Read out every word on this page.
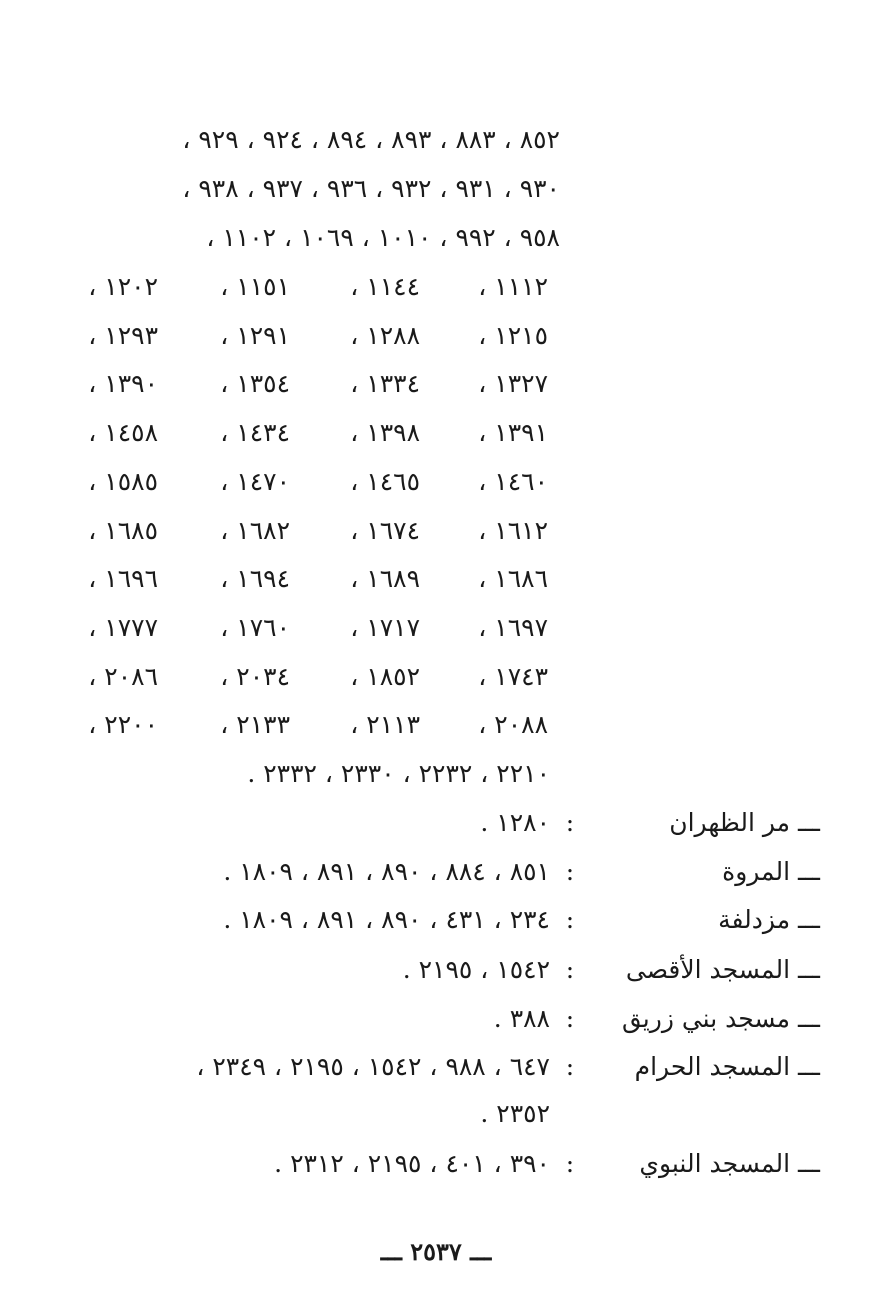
٨٥٢ ، ٨٨٣ ، ٨٩٣ ، ٨٩٤ ، ٩٢٤ ، ٩٢٩ ،
٩٣٠ ، ٩٣١ ، ٩٣٢ ، ٩٣٦ ، ٩٣٧ ، ٩٣٨ ،
٩٥٨ ، ٩٩٢ ، ١٠١٠ ، ١٠٦٩ ، ١١٠٢ ،
١١١٢ ،
١١٤٤ ،
١١٥١ ،
١٢٠٢ ،
١٢١٥ ،
١٢٨٨ ،
١٢٩١ ،
١٢٩٣ ،
١٣٢٧ ،
١٣٣٤ ،
١٣٥٤ ،
١٣٩٠ ،
١٣٩١ ،
١٣٩٨ ،
١٤٣٤ ،
١٤٥٨ ،
١٤٦٠ ،
١٤٦٥ ،
١٤٧٠ ،
١٥٨٥ ،
١٦١٢ ،
١٦٧٤ ،
١٦٨٢ ،
١٦٨٥ ،
١٦٨٦ ،
١٦٨٩ ،
١٦٩٤ ،
١٦٩٦ ،
١٦٩٧ ،
١٧١٧ ،
١٧٦٠ ،
١٧٧٧ ،
١٧٤٣ ،
١٨٥٢ ،
٢٠٣٤ ،
٢٠٨٦ ،
٢٠٨٨ ،
٢١١٣ ،
٢١٣٣ ،
٢٢٠٠ ،
٢٢١٠ ، ٢٢٣٢ ، ٢٣٣٠ ، ٢٣٣٢ .
ـــ مر الظهران
:
١٢٨٠ .
ـــ المروة
:
٨٥١ ، ٨٨٤ ، ٨٩٠ ، ٨٩١ ، ١٨٠٩ .
ـــ مزدلفة
:
٢٣٤ ، ٤٣١ ، ٨٩٠ ، ٨٩١ ، ١٨٠٩ .
ـــ المسجد الأقصى
:
١٥٤٢ ، ٢١٩٥ .
ـــ مسجد بني زريق
:
٣٨٨ .
ـــ المسجد الحرام
:
٦٤٧ ، ٩٨٨ ، ١٥٤٢ ، ٢١٩٥ ، ٢٣٤٩ ،
٢٣٥٢ .
ـــ المسجد النبوي
:
٣٩٠ ، ٤٠١ ، ٢١٩٥ ، ٢٣١٢ .
ـــ ٢٥٣٧ ـــ
